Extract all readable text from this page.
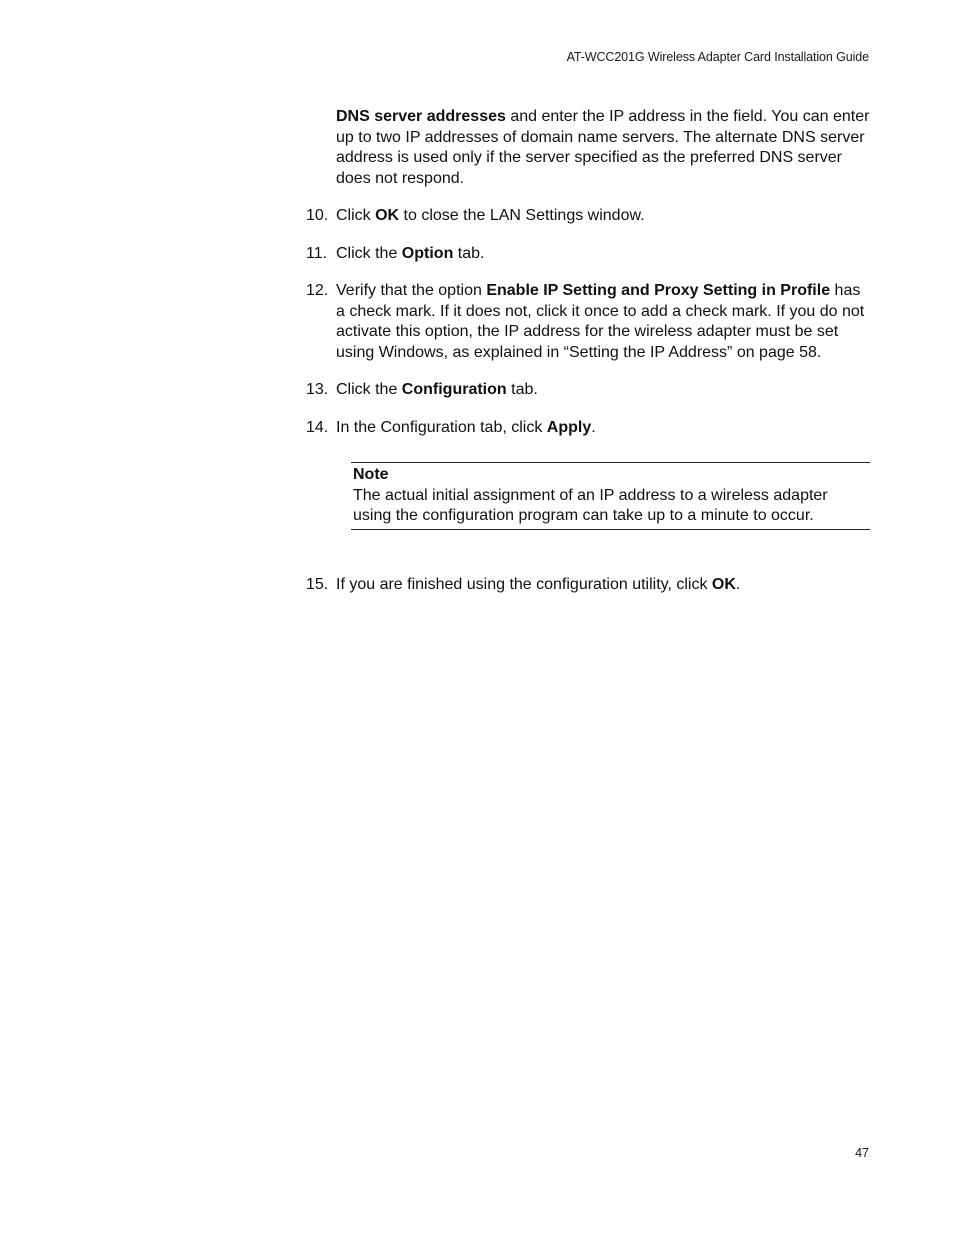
AT-WCC201G Wireless Adapter Card Installation Guide

DNS server addresses and enter the IP address in the field. You can enter up to two IP addresses of domain name servers. The alternate DNS server address is used only if the server specified as the preferred DNS server does not respond.

10. Click OK to close the LAN Settings window.
11. Click the Option tab.
12. Verify that the option Enable IP Setting and Proxy Setting in Profile has a check mark. If it does not, click it once to add a check mark. If you do not activate this option, the IP address for the wireless adapter must be set using Windows, as explained in “Setting the IP Address” on page 58.
13. Click the Configuration tab.
14. In the Configuration tab, click Apply.
Note
The actual initial assignment of an IP address to a wireless adapter using the configuration program can take up to a minute to occur.
15. If you are finished using the configuration utility, click OK.
47
